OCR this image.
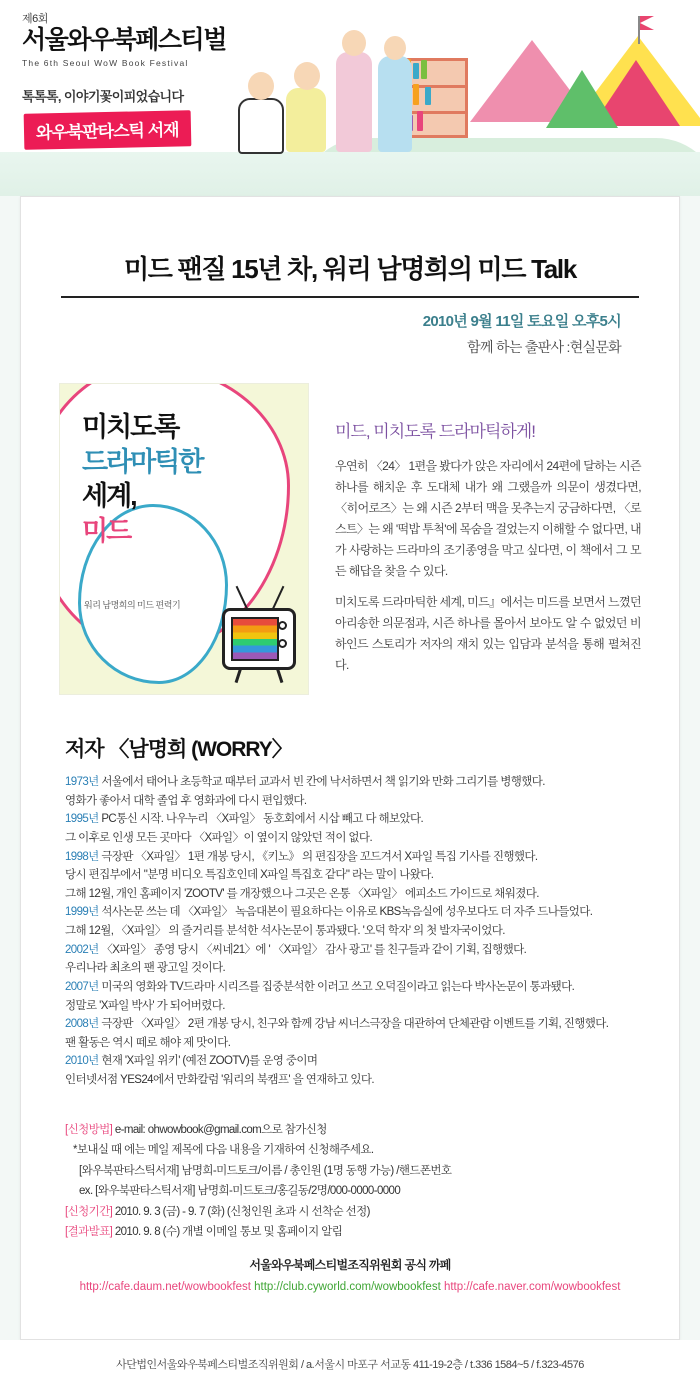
제6회
서울와우북페스티벌
The 6th Seoul WoW Book Festival
톡톡톡, 이야기꽃이피었습니다
와우북판타스틱 서재
미드 팬질 15년 차, 워리 남명희의 미드 Talk
2010년 9월 11일 토요일 오후5시
함께 하는 출판사 :현실문화
미치도록
드라마틱한
세계,
미드
워리 남명희의 미드 편력기
미드, 미치도록 드라마틱하게!

우연히 〈24〉 1편을 봤다가 앉은 자리에서 24편에 달하는 시즌 하나를 해치운 후 도대체 내가 왜 그랬을까 의문이 생겼다면, 〈히어로즈〉는 왜 시즌 2부터 맥을 못추는지 궁금하다면, 〈로스트〉는 왜 '떡밥 투척'에 목숨을 걸었는지 이해할 수 없다면, 내가 사랑하는 드라마의 조기종영을 막고 싶다면, 이 책에서 그 모든 해답을 찾을 수 있다.

미치도록 드라마틱한 세계, 미드』에서는 미드를 보면서 느꼈던 아리송한 의문점과, 시즌 하나를 몰아서 보아도 알 수 없었던 비하인드 스토리가 저자의 재치 있는 입담과 분석을 통해 펼쳐진다.

저자 〈남명희 (WORRY〉
1973년 서울에서 태어나 초등학교 때부터 교과서 빈 칸에 낙서하면서 책 읽기와 만화 그리기를 병행했다.
영화가 좋아서 대학 졸업 후 영화과에 다시 편입했다.
1995년 PC통신 시작. 나우누리 〈X파일〉 동호회에서 시삽 빼고 다 해보았다.
그 이후로 인생 모든 곳마다 〈X파일〉이 옆이지 않았던 적이 없다.
1998년 극장판 〈X파일〉 1편 개봉 당시, 《키노》 의 편집장을 꼬드겨서 X파일 특집 기사를 진행했다.
당시 편집부에서 "분명 비디오 특집호인데 X파일 특집호 같다" 라는 말이 나왔다.
그해 12월, 개인 홈페이지 'ZOOTV' 를 개장했으나 그곳은 온통 〈X파일〉 에피소드 가이드로 채워졌다.
1999년 석사논문 쓰는 데 〈X파일〉 녹음대본이 필요하다는 이유로 KBS녹음실에 성우보다도 더 자주 드나들었다.
그해 12월, 〈X파일〉 의 줄거리를 분석한 석사논문이 통과됐다. '오덕 학자' 의 첫 발자국이었다.
2002년 〈X파일〉 종영 당시 〈씨네21〉에 ' 〈X파일〉 감사 광고' 를 친구들과 같이 기획, 집행했다.
우리나라 최초의 팬 광고일 것이다.
2007년 미국의 영화와 TV드라마 시리즈를 집중분석한 이러고 쓰고 오덕질이라고 읽는다 박사논문이 통과됐다.
정말로 'X파일 박사' 가 되어버렸다.
2008년 극장판 〈X파일〉 2편 개봉 당시, 친구와 함께 강남 씨너스극장을 대관하여 단체관람 이벤트를 기획, 진행했다.
팬 활동은 역시 떼로 해야 제 맛이다.
2010년 현재 'X파일 위키' (예전 ZOOTV)를 운영 중이며
인터넷서점 YES24에서 만화칼럼 '워리의 북캠프' 을 연재하고 있다.
[신청방법] e-mail: ohwowbook@gmail.com으로 참가신청
*보내실 때 에는 메일 제목에 다음 내용을 기재하여 신청해주세요.
[와우북판타스틱서재] 남명희-미드토크/이름 / 총인원 (1명 동행 가능) /핸드폰번호
ex. [와우북판타스틱서재] 남명희-미드토크/홍길동/2명/000-0000-0000
[신청기간] 2010. 9. 3 (금) - 9. 7 (화) (신청인원 초과 시 선착순 선정)
[결과발표] 2010. 9. 8 (수) 개별 이메일 통보 및 홈페이지 알림
서울와우북페스티벌조직위원회 공식 까페
http://cafe.daum.net/wowbookfest http://club.cyworld.com/wowbookfest http://cafe.naver.com/wowbookfest
사단법인서울와우북페스티벌조직위원회 / a.서울시 마포구 서교동 411-19-2층 / t.336 1584~5 / f.323-4576
